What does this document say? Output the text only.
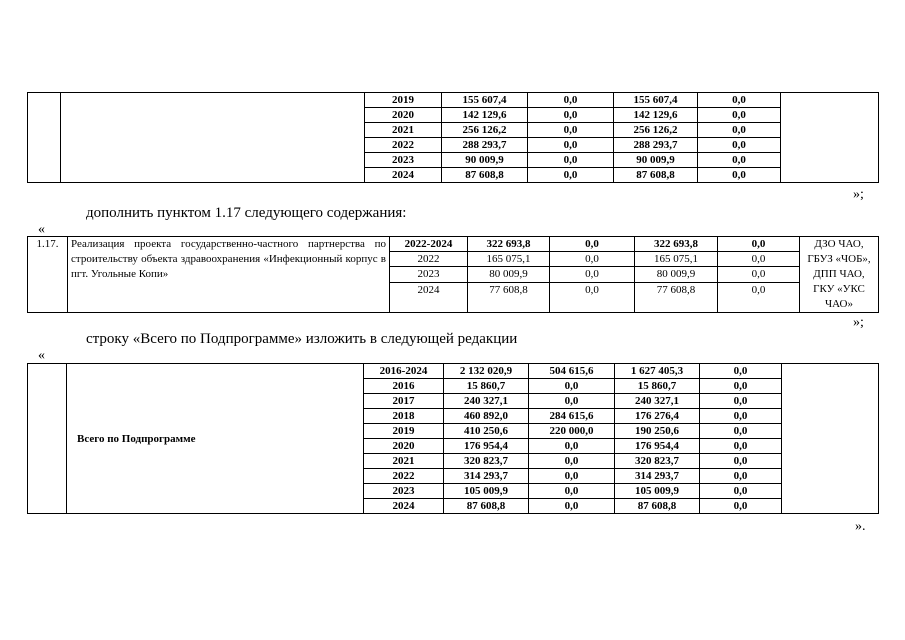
		2019	155 607,4	0,0	155 607,4	0,0	
		2020	142 129,6	0,0	142 129,6	0,0	
		2021	256 126,2	0,0	256 126,2	0,0	
		2022	288 293,7	0,0	288 293,7	0,0	
		2023	90 009,9	0,0	90 009,9	0,0	
		2024	87 608,8	0,0	87 608,8	0,0	
»;
дополнить пунктом 1.17 следующего содержания:
«
1.17.	Реализация проекта государственно-частного партнерства по строительству объекта здравоохранения «Инфекционный корпус в пгт. Угольные Копи»	2022-2024	322 693,8	0,0	322 693,8	0,0	ДЗО ЧАО, ГБУЗ «ЧОБ», ДПП ЧАО, ГКУ «УКС ЧАО»
		2022	165 075,1	0,0	165 075,1	0,0	
		2023	80 009,9	0,0	80 009,9	0,0	
		2024	77 608,8	0,0	77 608,8	0,0	
»;
строку «Всего по Подпрограмме» изложить в следующей редакции
«
	Всего по Подпрограмме	2016-2024	2 132 020,9	504 615,6	1 627 405,3	0,0	
		2016	15 860,7	0,0	15 860,7	0,0	
		2017	240 327,1	0,0	240 327,1	0,0	
		2018	460 892,0	284 615,6	176 276,4	0,0	
		2019	410 250,6	220 000,0	190 250,6	0,0	
		2020	176 954,4	0,0	176 954,4	0,0	
		2021	320 823,7	0,0	320 823,7	0,0	
		2022	314 293,7	0,0	314 293,7	0,0	
		2023	105 009,9	0,0	105 009,9	0,0	
		2024	87 608,8	0,0	87 608,8	0,0	
».
